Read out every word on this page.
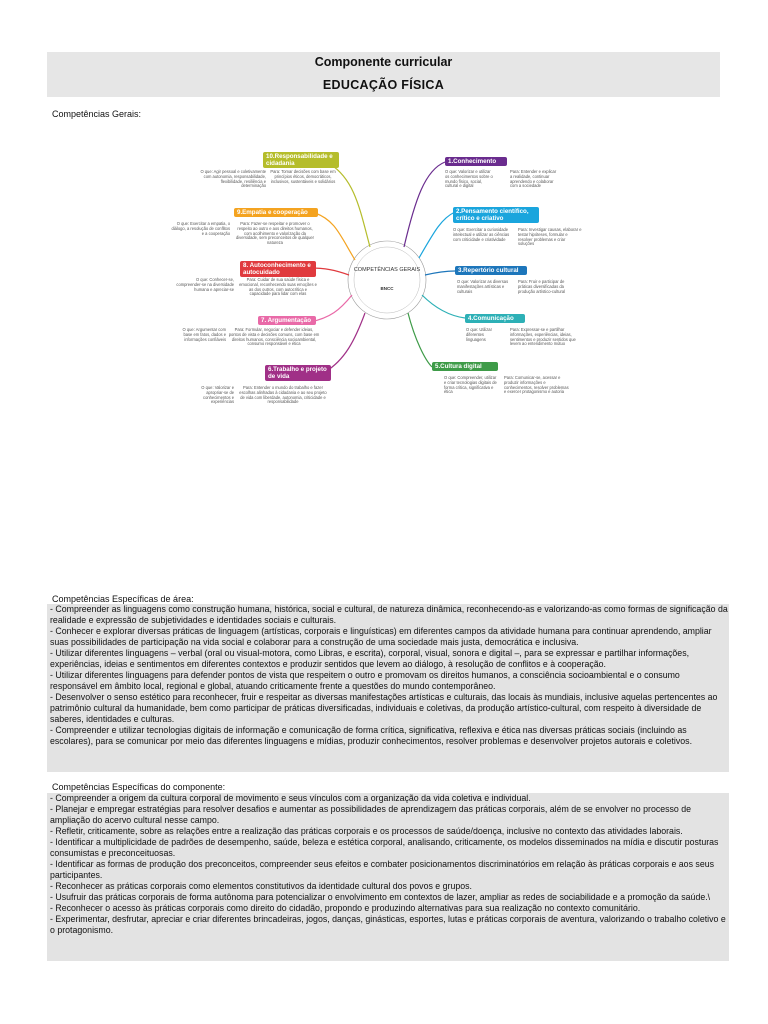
Componente curricular
EDUCAÇÃO FÍSICA
Competências Gerais:
COMPETÊNCIAS GERAIS
BNCC
10.Responsabilidade e cidadania
O que: Agir pessoal e coletivamente com autonomia, responsabilidade, flexibilidade, resiliência e determinação
Para: Tomar decisões com base em princípios éticos, democráticos, inclusivos, sustentáveis e solidários
9.Empatia e cooperação
O que: Exercitar a empatia, o diálogo, a resolução de conflitos e a cooperação
Para: Fazer-se respeitar e promover o respeito ao outro e aos direitos humanos, com acolhimento e valorização da diversidade, sem preconceitos de qualquer natureza
8. Autoconhecimento e autocuidado
O que: Conhecer-se, compreender-se na diversidade humana e apreciar-se
Para: Cuidar de sua saúde física e emocional, reconhecendo suas emoções e as dos outros, com autocrítica e capacidade para lidar com elas
7. Argumentação
O que: Argumentar com base em fatos, dados e informações confiáveis
Para: Formular, negociar e defender ideias, pontos de vista e decisões comuns, com base em direitos humanos, consciência socioambiental, consumo responsável e ética
6.Trabalho e projeto de vida
O que: Valorizar e apropriar-se de conhecimentos e experiências
Para: Entender o mundo do trabalho e fazer escolhas alinhadas à cidadania e ao seu projeto de vida com liberdade, autonomia, criticidade e responsabilidade
1.Conhecimento
O que: Valorizar e utilizar os conhecimentos sobre o mundo físico, social, cultural e digital
Para: Entender e explicar a realidade, continuar aprendendo e colaborar com a sociedade
2.Pensamento científico, crítico e criativo
O que: Exercitar a curiosidade intelectual e utilizar as ciências com criticidade e criatividade
Para: Investigar causas, elaborar e testar hipóteses, formular e resolver problemas e criar soluções
3.Repertório cultural
O que: Valorizar as diversas manifestações artísticas e culturais
Para: Fruir e participar de práticas diversificadas da produção artístico-cultural
4.Comunicação
O que: Utilizar diferentes linguagens
Para: Expressar-se e partilhar informações, experiências, ideias, sentimentos e produzir sentidos que levem ao entendimento mútuo
5.Cultura digital
O que: Compreender, utilizar e criar tecnologias digitais de forma crítica, significativa e ética
Para: Comunicar-se, acessar e produzir informações e conhecimentos, resolver problemas e exercer protagonismo e autoria
Competências Específicas de área:

- Compreender as linguagens como construção humana, histórica, social e cultural, de natureza dinâmica, reconhecendo-as e valorizando-as como formas de significação da realidade e expressão de subjetividades e identidades sociais e culturais.

- Conhecer e explorar diversas práticas de linguagem (artísticas, corporais e linguísticas) em diferentes campos da atividade humana para continuar aprendendo, ampliar suas possibilidades de participação na vida social e colaborar para a construção de uma sociedade mais justa, democrática e inclusiva.

- Utilizar diferentes linguagens – verbal (oral ou visual-motora, como Libras, e escrita), corporal, visual, sonora e digital –, para se expressar e partilhar informações, experiências, ideias e sentimentos em diferentes contextos e produzir sentidos que levem ao diálogo, à resolução de conflitos e à cooperação.

- Utilizar diferentes linguagens para defender pontos de vista que respeitem o outro e promovam os direitos humanos, a consciência socioambiental e o consumo responsável em âmbito local, regional e global, atuando criticamente frente a questões do mundo contemporâneo.

- Desenvolver o senso estético para reconhecer, fruir e respeitar as diversas manifestações artísticas e culturais, das locais às mundiais, inclusive aquelas pertencentes ao patrimônio cultural da humanidade, bem como participar de práticas diversificadas, individuais e coletivas, da produção artístico-cultural, com respeito à diversidade de saberes, identidades e culturas.

- Compreender e utilizar tecnologias digitais de informação e comunicação de forma crítica, significativa, reflexiva e ética nas diversas práticas sociais (incluindo as escolares), para se comunicar por meio das diferentes linguagens e mídias, produzir conhecimentos, resolver problemas e desenvolver projetos autorais e coletivos.

Competências Específicas do componente:

- Compreender a origem da cultura corporal de movimento e seus vínculos com a organização da vida coletiva e individual.

- Planejar e empregar estratégias para resolver desafios e aumentar as possibilidades de aprendizagem das práticas corporais, além de se envolver no processo de ampliação do acervo cultural nesse campo.

- Refletir, criticamente, sobre as relações entre a realização das práticas corporais e os processos de saúde/doença, inclusive no contexto das atividades laborais.

- Identificar a multiplicidade de padrões de desempenho, saúde, beleza e estética corporal, analisando, criticamente, os modelos disseminados na mídia e discutir posturas consumistas e preconceituosas.

- Identificar as formas de produção dos preconceitos, compreender seus efeitos e combater posicionamentos discriminatórios em relação às práticas corporais e aos seus participantes.

- Reconhecer as práticas corporais como elementos constitutivos da identidade cultural dos povos e grupos.

- Usufruir das práticas corporais de forma autônoma para potencializar o envolvimento em contextos de lazer, ampliar as redes de sociabilidade e a promoção da saúde.\

- Reconhecer o acesso às práticas corporais como direito do cidadão, propondo e produzindo alternativas para sua realização no contexto comunitário.

- Experimentar, desfrutar, apreciar e criar diferentes brincadeiras, jogos, danças, ginásticas, esportes, lutas e práticas corporais de aventura, valorizando o trabalho coletivo e o protagonismo.
